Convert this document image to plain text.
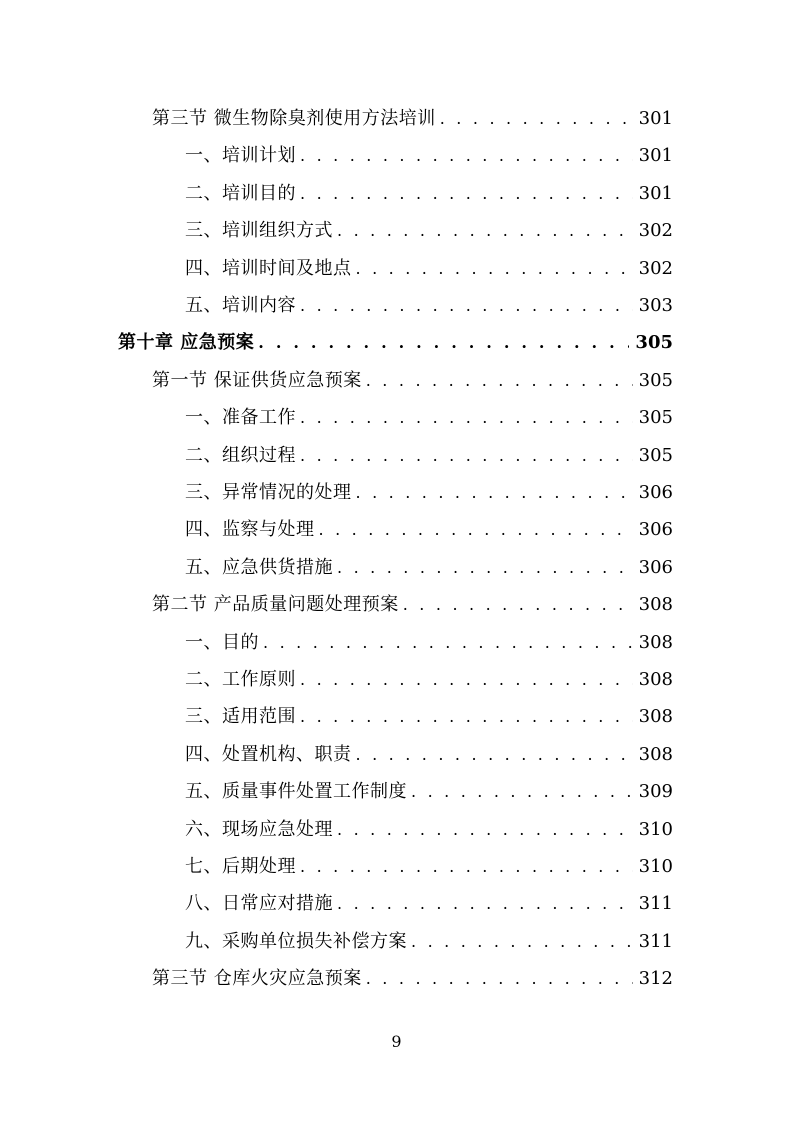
第三节 微生物除臭剂使用方法培训 . . .	301
一、培训计划 . . .	301
二、培训目的 . . .	301
三、培训组织方式 . . .	302
四、培训时间及地点 . . .	302
五、培训内容 . . .	303
第十章 应急预案 . . .	305
第一节 保证供货应急预案 . . .	305
一、准备工作 . . .	305
二、组织过程 . . .	305
三、异常情况的处理 . . .	306
四、监察与处理 . . .	306
五、应急供货措施 . . .	306
第二节 产品质量问题处理预案 . . .	308
一、目的 . . .	308
二、工作原则 . . .	308
三、适用范围 . . .	308
四、处置机构、职责 . . .	308
五、质量事件处置工作制度 . . .	309
六、现场应急处理 . . .	310
七、后期处理 . . .	310
八、日常应对措施 . . .	311
九、采购单位损失补偿方案 . . .	311
第三节 仓库火灾应急预案 . . .	312
9
